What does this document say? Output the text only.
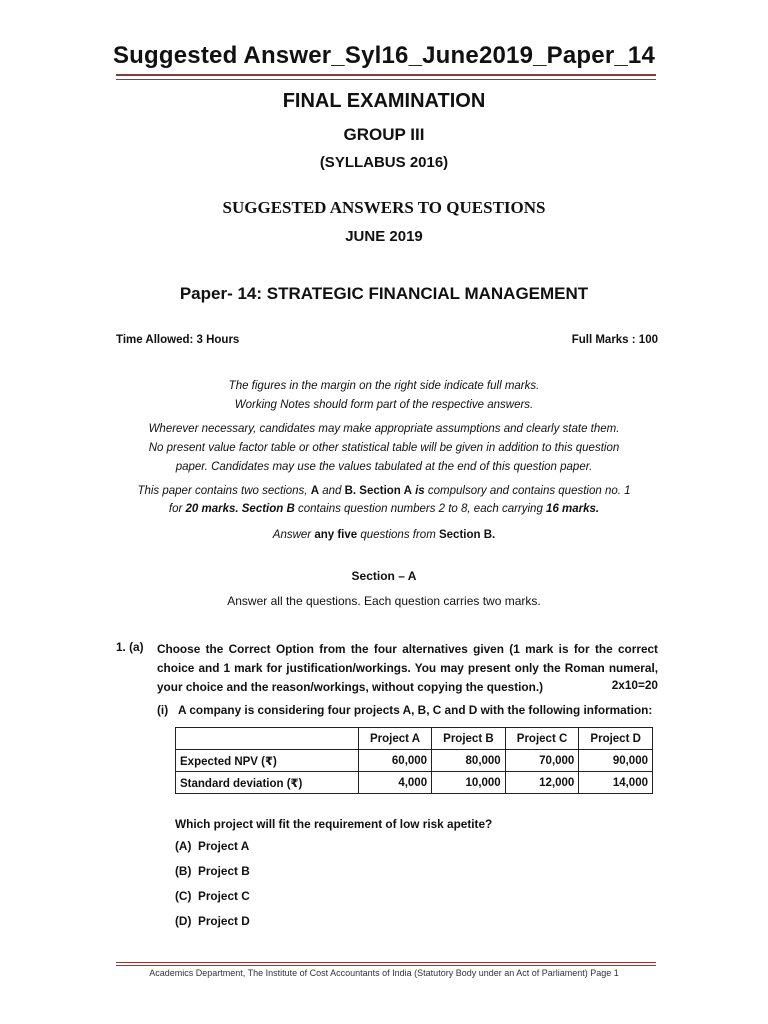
Suggested Answer_Syl16_June2019_Paper_14
FINAL EXAMINATION
GROUP III
(SYLLABUS 2016)
SUGGESTED ANSWERS TO QUESTIONS
JUNE 2019
Paper- 14: STRATEGIC FINANCIAL MANAGEMENT
Time Allowed: 3 Hours	Full Marks : 100
The figures in the margin on the right side indicate full marks.
Working Notes should form part of the respective answers.
Wherever necessary, candidates may make appropriate assumptions and clearly state them.
No present value factor table or other statistical table will be given in addition to this question
paper. Candidates may use the values tabulated at the end of this question paper.
This paper contains two sections, A and B. Section A is compulsory and contains question no. 1
for 20 marks. Section B contains question numbers 2 to 8, each carrying 16 marks.
Answer any five questions from Section B.
Section – A
Answer all the questions. Each question carries two marks.
1. (a) Choose the Correct Option from the four alternatives given (1 mark is for the correct choice and 1 mark for justification/workings. You may present only the Roman numeral, your choice and the reason/workings, without copying the question.)	2x10=20
(i) A company is considering four projects A, B, C and D with the following information:
	Project A	Project B	Project C	Project D
Expected NPV (₹)	60,000	80,000	70,000	90,000
Standard deviation (₹)	4,000	10,000	12,000	14,000
Which project will fit the requirement of low risk apetite?
(A) Project A
(B) Project B
(C) Project C
(D) Project D
Academics Department, The Institute of Cost Accountants of India (Statutory Body under an Act of Parliament) Page 1
